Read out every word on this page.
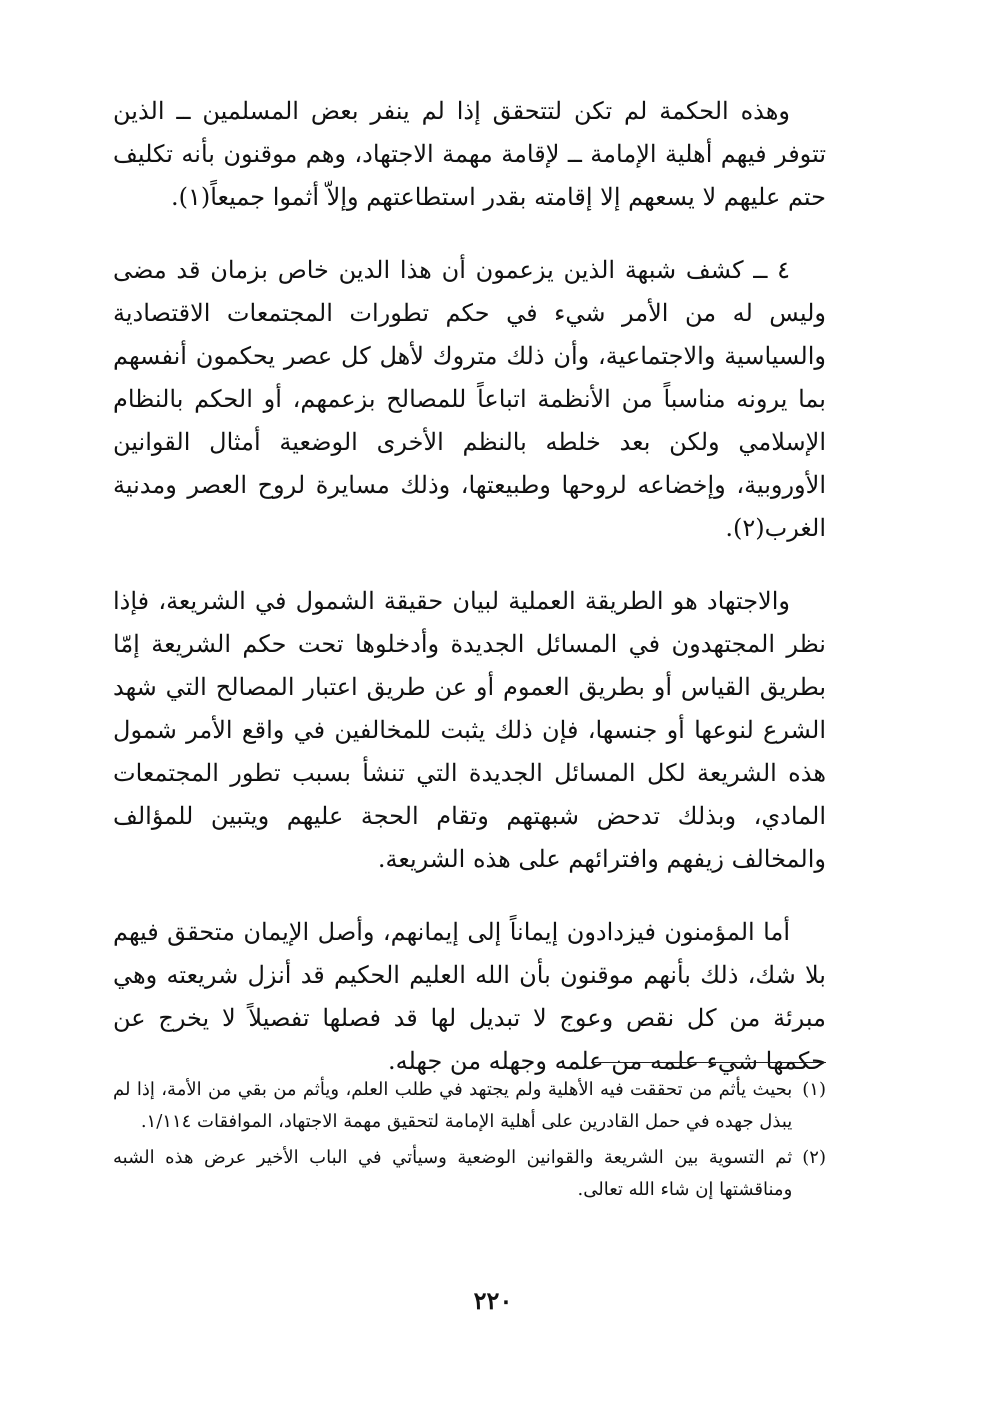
وهذه الحكمة لم تكن لتتحقق إذا لم ينفر بعض المسلمين ــ الذين تتوفر فيهم أهلية الإمامة ــ لإقامة مهمة الاجتهاد، وهم موقنون بأنه تكليف حتم عليهم لا يسعهم إلا إقامته بقدر استطاعتهم وإلاّ أثموا جميعاً(١).

٤ ــ كشف شبهة الذين يزعمون أن هذا الدين خاص بزمان قد مضى وليس له من الأمر شيء في حكم تطورات المجتمعات الاقتصادية والسياسية والاجتماعية، وأن ذلك متروك لأهل كل عصر يحكمون أنفسهم بما يرونه مناسباً من الأنظمة اتباعاً للمصالح بزعمهم، أو الحكم بالنظام الإسلامي ولكن بعد خلطه بالنظم الأخرى الوضعية أمثال القوانين الأوروبية، وإخضاعه لروحها وطبيعتها، وذلك مسايرة لروح العصر ومدنية الغرب(٢).

والاجتهاد هو الطريقة العملية لبيان حقيقة الشمول في الشريعة، فإذا نظر المجتهدون في المسائل الجديدة وأدخلوها تحت حكم الشريعة إمّا بطريق القياس أو بطريق العموم أو عن طريق اعتبار المصالح التي شهد الشرع لنوعها أو جنسها، فإن ذلك يثبت للمخالفين في واقع الأمر شمول هذه الشريعة لكل المسائل الجديدة التي تنشأ بسبب تطور المجتمعات المادي، وبذلك تدحض شبهتهم وتقام الحجة عليهم ويتبين للمؤالف والمخالف زيفهم وافترائهم على هذه الشريعة.

أما المؤمنون فيزدادون إيماناً إلى إيمانهم، وأصل الإيمان متحقق فيهم بلا شك، ذلك بأنهم موقنون بأن الله العليم الحكيم قد أنزل شريعته وهي مبرئة من كل نقص وعوج لا تبديل لها قد فصلها تفصيلاً لا يخرج عن حكمها شيء علمه من علمه وجهله من جهله.

(١)
بحيث يأثم من تحققت فيه الأهلية ولم يجتهد في طلب العلم، ويأثم من بقي من الأمة، إذا لم يبذل جهده في حمل القادرين على أهلية الإمامة لتحقيق مهمة الاجتهاد، الموافقات ١/١١٤.
(٢)
ثم التسوية بين الشريعة والقوانين الوضعية وسيأتي في الباب الأخير عرض هذه الشبه ومناقشتها إن شاء الله تعالى.
٢٢٠
